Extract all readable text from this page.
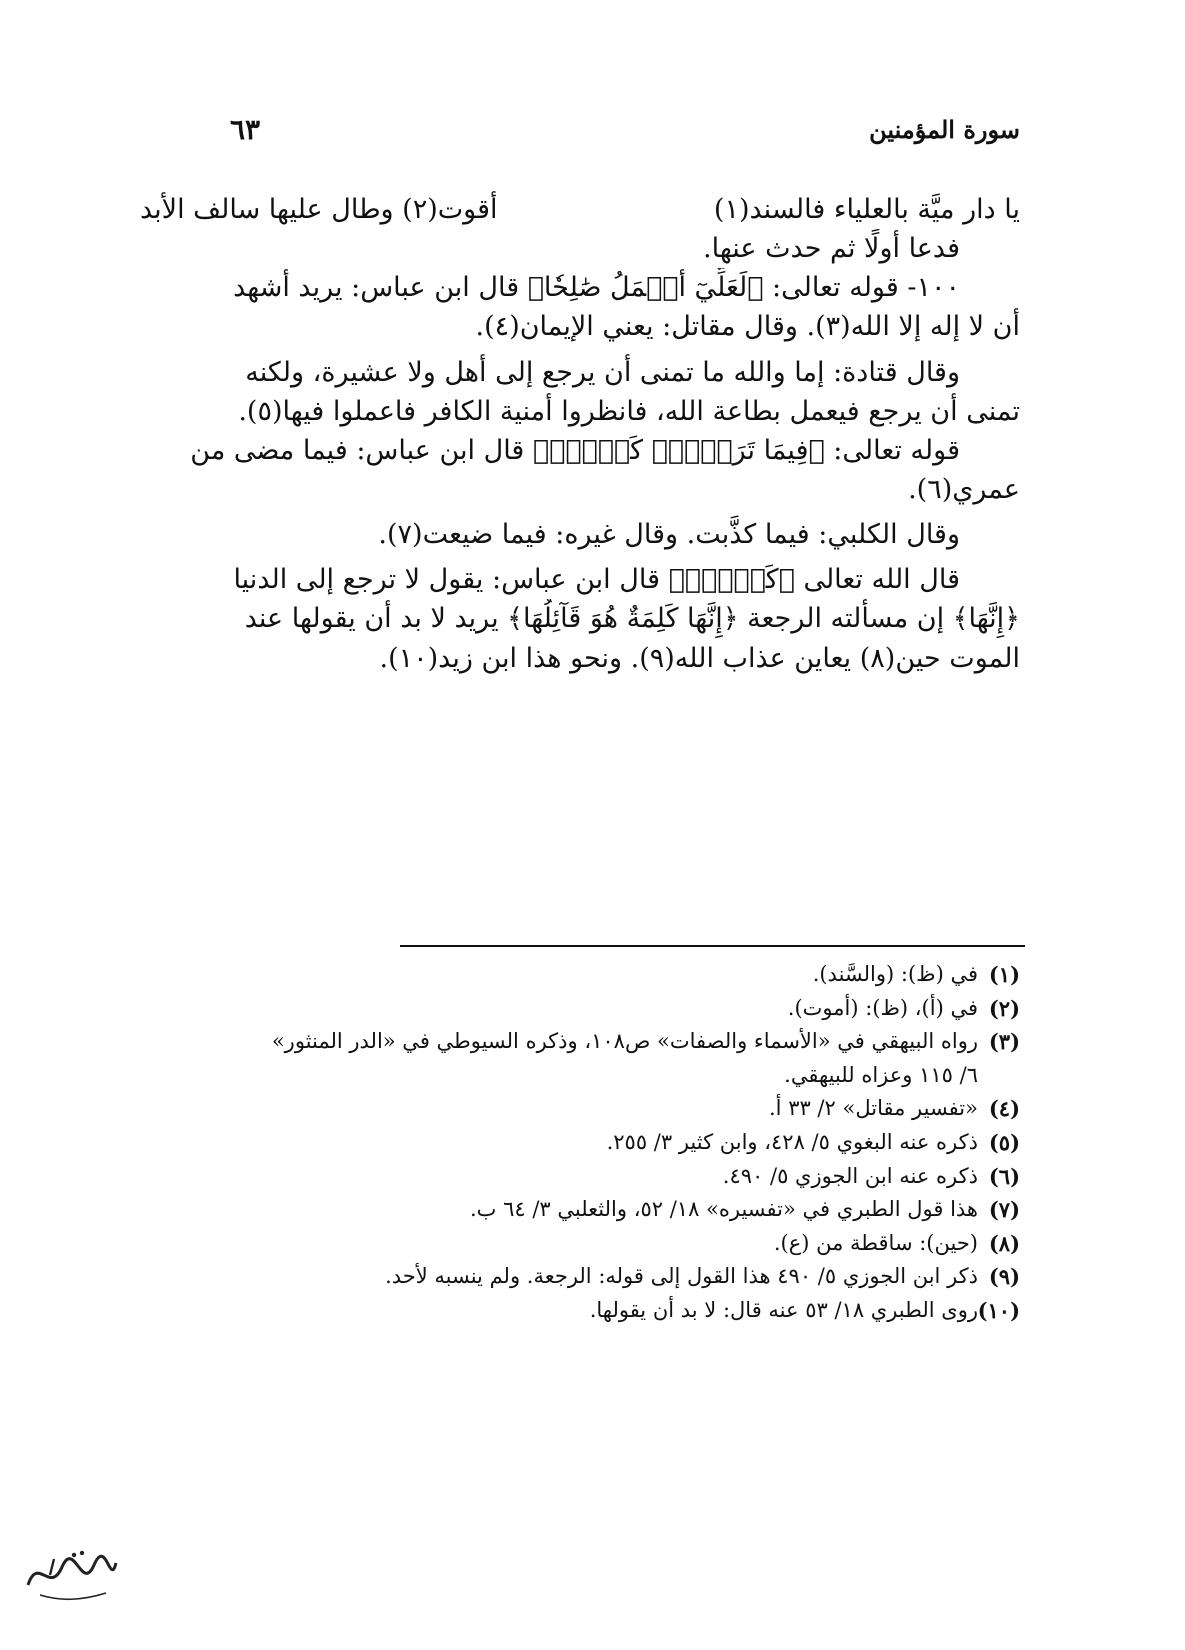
سورة المؤمنين
٦٣
يا دار ميَّة بالعلياء فالسند(١)
أقوت(٢) وطال عليها سالف الأبد
فدعا أولًا ثم حدث عنها.
١٠٠- قوله تعالى: ﴿لَعَلِّيٓ أَعۡمَلُ صَٰلِحٗا﴾ قال ابن عباس: يريد أشهد
أن لا إله إلا الله(٣). وقال مقاتل: يعني الإيمان(٤).
وقال قتادة: إما والله ما تمنى أن يرجع إلى أهل ولا عشيرة، ولكنه
تمنى أن يرجع فيعمل بطاعة الله، فانظروا أمنية الكافر فاعملوا فيها(٥).
قوله تعالى: ﴿فِيمَا تَرَكۡتُۚ كَلَّآۚ﴾ قال ابن عباس: فيما مضى من
عمري(٦).
وقال الكلبي: فيما كذَّبت. وقال غيره: فيما ضيعت(٧).
قال الله تعالى ﴿كَلَّآۚ﴾ قال ابن عباس: يقول لا ترجع إلى الدنيا
﴿إِنَّهَا﴾ إن مسألته الرجعة ﴿إِنَّهَا كَلِمَةٌ هُوَ قَآئِلُهَا﴾ يريد لا بد أن يقولها عند
الموت حين(٨) يعاين عذاب الله(٩). ونحو هذا ابن زيد(١٠).
(١)
في (ظ): (والسَّند).
(٢)
في (أ)، (ظ): (أموت).
(٣)
رواه البيهقي في «الأسماء والصفات» ص١٠٨، وذكره السيوطي في «الدر المنثور»
٦/ ١١٥ وعزاه للبيهقي.
(٤)
«تفسير مقاتل» ٢/ ٣٣ أ.
(٥)
ذكره عنه البغوي ٥/ ٤٢٨، وابن كثير ٣/ ٢٥٥.
(٦)
ذكره عنه ابن الجوزي ٥/ ٤٩٠.
(٧)
هذا قول الطبري في «تفسيره» ١٨/ ٥٢، والثعلبي ٣/ ٦٤ ب.
(٨)
(حين): ساقطة من (ع).
(٩)
ذكر ابن الجوزي ٥/ ٤٩٠ هذا القول إلى قوله: الرجعة. ولم ينسبه لأحد.
(١٠)
روى الطبري ١٨/ ٥٣ عنه قال: لا بد أن يقولها.
